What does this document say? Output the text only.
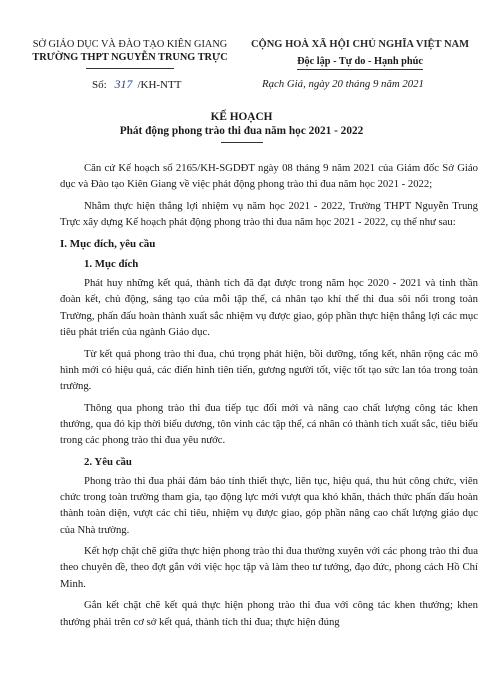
SỞ GIÁO DỤC VÀ ĐÀO TẠO KIÊN GIANG
TRƯỜNG THPT NGUYỄN TRUNG TRỰC
CỘNG HOÀ XÃ HỘI CHỦ NGHĨA VIỆT NAM
Độc lập - Tự do - Hạnh phúc
Số: 317 /KH-NTT	Rạch Giá, ngày 20 tháng 9 năm 2021
KẾ HOẠCH
Phát động phong trào thi đua năm học 2021 - 2022

Căn cứ Kế hoạch số 2165/KH-SGDĐT ngày 08 tháng 9 năm 2021 của Giám đốc Sở Giáo dục và Đào tạo Kiên Giang về việc phát động phong trào thi đua năm học 2021 - 2022;

Nhằm thực hiện thắng lợi nhiệm vụ năm học 2021 - 2022, Trường THPT Nguyễn Trung Trực xây dựng Kế hoạch phát động phong trào thi đua năm học 2021 - 2022, cụ thể như sau:

I. Mục đích, yêu cầu
1. Mục đích

Phát huy những kết quả, thành tích đã đạt được trong năm học 2020 - 2021 và tinh thần đoàn kết, chủ động, sáng tạo của mỗi tập thể, cá nhân tạo khí thế thi đua sôi nổi trong toàn Trường, phấn đấu hoàn thành xuất sắc nhiệm vụ được giao, góp phần thực hiện thắng lợi các mục tiêu phát triển của ngành Giáo dục.

Từ kết quả phong trào thi đua, chú trọng phát hiện, bồi dưỡng, tổng kết, nhân rộng các mô hình mới có hiệu quả, các điển hình tiên tiến, gương người tốt, việc tốt tạo sức lan tỏa trong toàn trường.

Thông qua phong trào thi đua tiếp tục đổi mới và nâng cao chất lượng công tác khen thưởng, qua đó kịp thời biểu dương, tôn vinh các tập thể, cá nhân có thành tích xuất sắc, tiêu biểu trong các phong trào thi đua yêu nước.

2. Yêu cầu

Phong trào thi đua phải đảm bảo tính thiết thực, liên tục, hiệu quả, thu hút công chức, viên chức trong toàn trường tham gia, tạo động lực mới vượt qua khó khăn, thách thức phấn đấu hoàn thành toàn diện, vượt các chỉ tiêu, nhiệm vụ được giao, góp phần nâng cao chất lượng giáo dục của Nhà trường.

Kết hợp chặt chẽ giữa thực hiện phong trào thi đua thường xuyên với các phong trào thi đua theo chuyên đề, theo đợt gắn với việc học tập và làm theo tư tưởng, đạo đức, phong cách Hồ Chí Minh.

Gắn kết chặt chẽ kết quả thực hiện phong trào thi đua với công tác khen thưởng; khen thưởng phải trên cơ sở kết quả, thành tích thi đua; thực hiện đúng
